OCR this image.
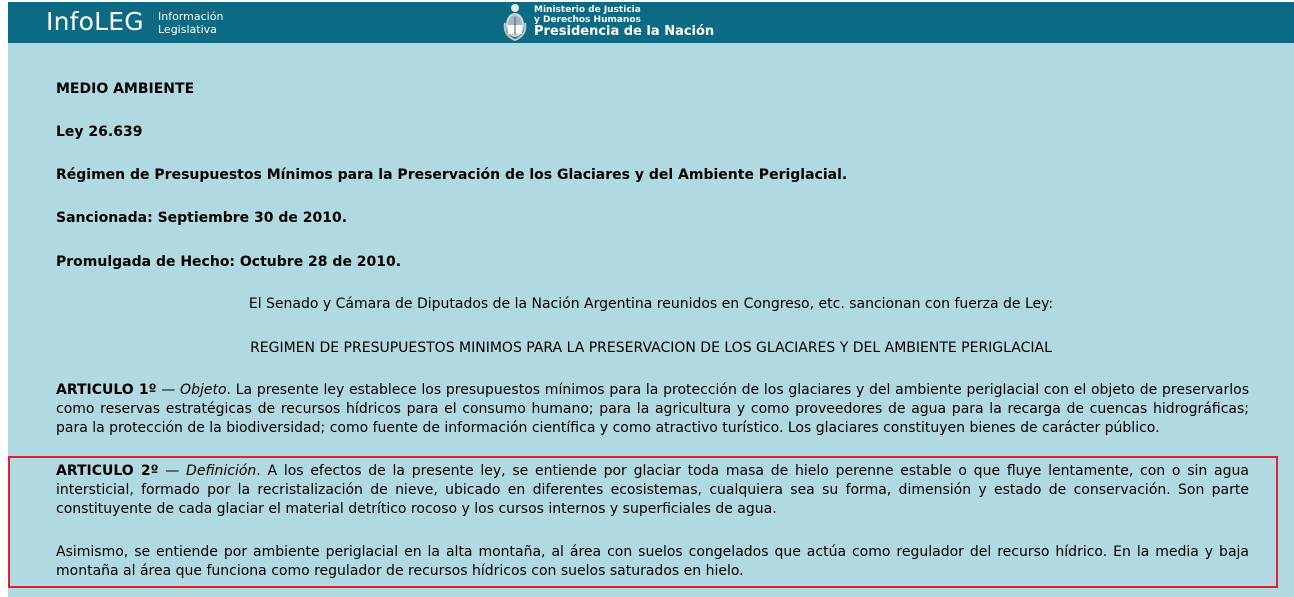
InfoLEG Información
Legislativa
Ministerio de Justicia
y Derechos Humanos
Presidencia de la Nación

MEDIO AMBIENTE

Ley 26.639

Régimen de Presupuestos Mínimos para la Preservación de los Glaciares y del Ambiente Periglacial.

Sancionada: Septiembre 30 de 2010.

Promulgada de Hecho: Octubre 28 de 2010.

El Senado y Cámara de Diputados de la Nación Argentina reunidos en Congreso, etc. sancionan con fuerza de Ley:

REGIMEN DE PRESUPUESTOS MINIMOS PARA LA PRESERVACION DE LOS GLACIARES Y DEL AMBIENTE PERIGLACIAL

ARTICULO 1º — Objeto. La presente ley establece los presupuestos mínimos para la protección de los glaciares y del ambiente periglacial con el objeto de preservarlos como reservas estratégicas de recursos hídricos para el consumo humano; para la agricultura y como proveedores de agua para la recarga de cuencas hidrográficas; para la protección de la biodiversidad; como fuente de información científica y como atractivo turístico. Los glaciares constituyen bienes de carácter público.

ARTICULO 2º — Definición. A los efectos de la presente ley, se entiende por glaciar toda masa de hielo perenne estable o que fluye lentamente, con o sin agua intersticial, formado por la recristalización de nieve, ubicado en diferentes ecosistemas, cualquiera sea su forma, dimensión y estado de conservación. Son parte constituyente de cada glaciar el material detrítico rocoso y los cursos internos y superficiales de agua.

Asimismo, se entiende por ambiente periglacial en la alta montaña, al área con suelos congelados que actúa como regulador del recurso hídrico. En la media y baja montaña al área que funciona como regulador de recursos hídricos con suelos saturados en hielo.
